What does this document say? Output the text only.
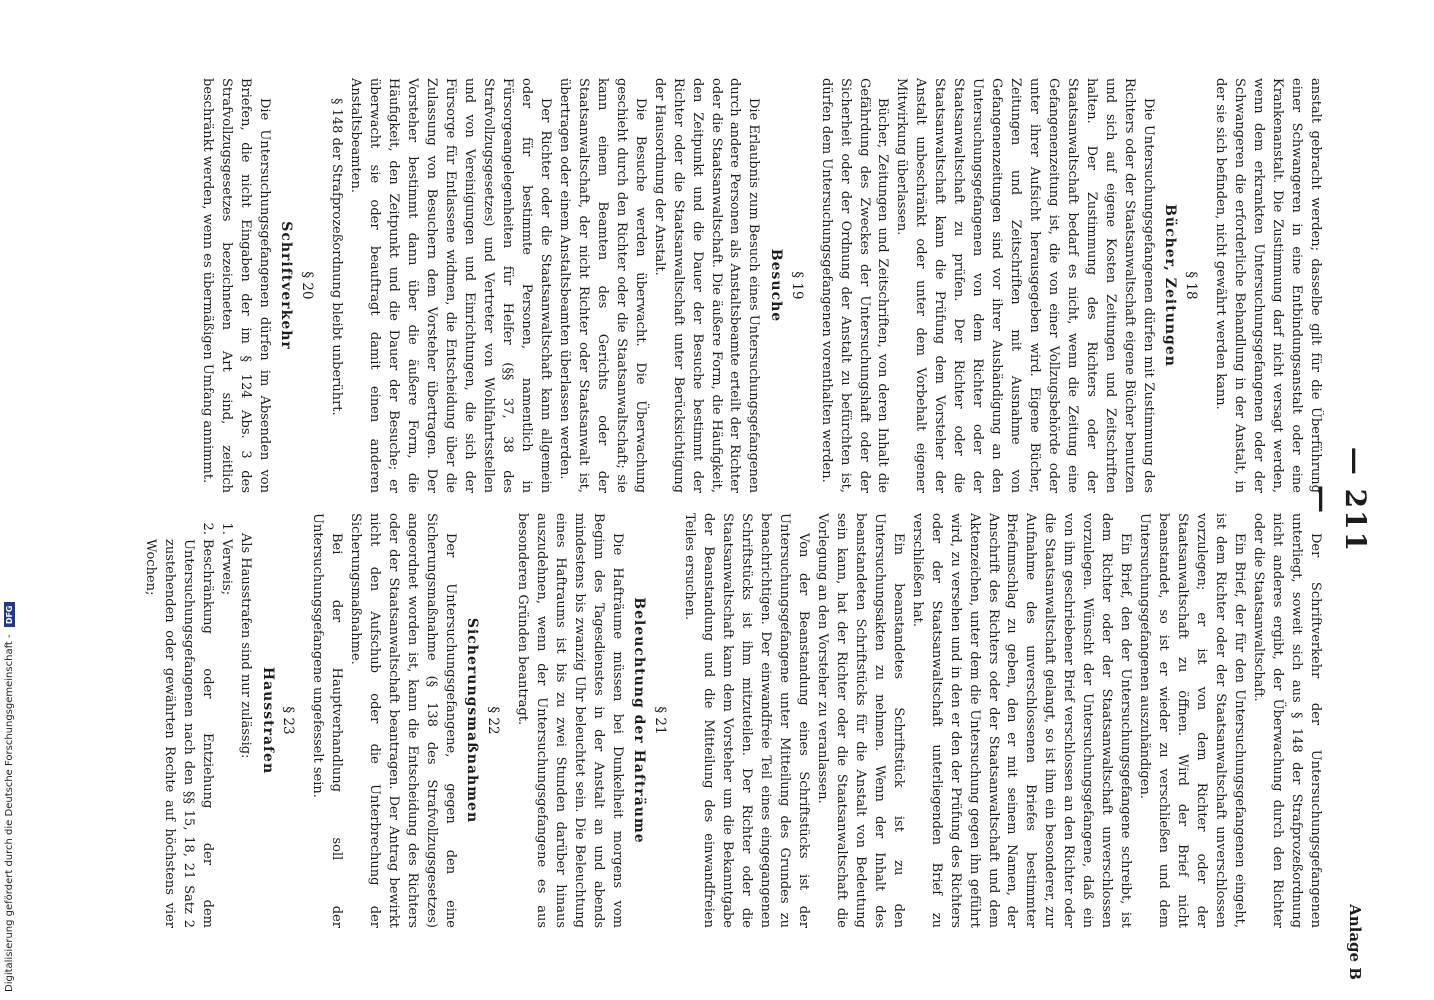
— 211 —
Anlage B

anstalt gebracht werden; dasselbe gilt für die Überführung einer Schwangeren in eine Entbindungsanstalt oder eine Krankenanstalt. Die Zustimmung darf nicht versagt werden, wenn dem erkrankten Untersuchungsgefangenen oder der Schwangeren die erforderliche Behandlung in der Anstalt, in der sie sich befinden, nicht gewährt werden kann.

§ 18
Bücher, Zeitungen

Die Untersuchungsgefangenen dürfen mit Zustimmung des Richters oder der Staatsanwaltschaft eigene Bücher benutzen und sich auf eigene Kosten Zeitungen und Zeitschriften halten. Der Zustimmung des Richters oder der Staatsanwaltschaft bedarf es nicht, wenn die Zeitung eine Gefangenenzeitung ist, die von einer Vollzugsbehörde oder unter ihrer Aufsicht herausgegeben wird. Eigene Bücher, Zeitungen und Zeitschriften mit Ausnahme von Gefangenenzeitungen sind vor ihrer Aushändigung an den Untersuchungsgefangenen von dem Richter oder der Staatsanwaltschaft zu prüfen. Der Richter oder die Staatsanwaltschaft kann die Prüfung dem Vorsteher der Anstalt unbeschränkt oder unter dem Vorbehalt eigener Mitwirkung überlassen.

Bücher, Zeitungen und Zeitschriften, von deren Inhalt die Gefährdung des Zweckes der Untersuchungshaft oder der Sicherheit oder der Ordnung der Anstalt zu befürchten ist, dürfen dem Untersuchungsgefangenen vorenthalten werden.

§ 19
Besuche

Die Erlaubnis zum Besuch eines Untersuchungsgefangenen durch andere Personen als Anstaltsbeamte erteilt der Richter oder die Staatsanwaltschaft. Die äußere Form, die Häufigkeit, den Zeitpunkt und die Dauer der Besuche bestimmt der Richter oder die Staatsanwaltschaft unter Berücksichtigung der Hausordnung der Anstalt.

Die Besuche werden überwacht. Die Überwachung geschieht durch den Richter oder die Staatsanwaltschaft; sie kann einem Beamten des Gerichts oder der Staatsanwaltschaft, der nicht Richter oder Staatsanwalt ist, übertragen oder einem Anstaltsbeamten überlassen werden.

Der Richter oder die Staatsanwaltschaft kann allgemein oder für bestimmte Personen, namentlich in Fürsorgeangelegenheiten für Helfer (§§ 37, 38 des Strafvollzugsgesetzes) und Vertreter von Wohlfahrtsstellen und von Vereinigungen und Einrichtungen, die sich der Fürsorge für Entlassene widmen, die Entscheidung über die Zulassung von Besuchern dem Vorsteher übertragen. Der Vorsteher bestimmt dann über die äußere Form, die Häufigkeit, den Zeitpunkt und die Dauer der Besuche; er überwacht sie oder beauftragt damit einen anderen Anstaltsbeamten.

§ 148 der Strafprozeßordnung bleibt unberührt.

§ 20
Schriftverkehr

Die Untersuchungsgefangenen dürfen im Absenden von Briefen, die nicht Eingaben der im § 124 Abs. 3 des Strafvollzugsgesetzes bezeichneten Art sind, zeitlich beschränkt werden, wenn es übermäßigen Umfang annimmt.

Der Schriftverkehr der Untersuchungsgefangenen unterliegt, soweit sich aus § 148 der Strafprozeßordnung nicht anderes ergibt, der Überwachung durch den Richter oder die Staatsanwaltschaft.

Ein Brief, der für den Untersuchungsgefangenen eingeht, ist dem Richter oder der Staatsanwaltschaft unverschlossen vorzulegen; er ist von dem Richter oder der Staatsanwaltschaft zu öffnen. Wird der Brief nicht beanstandet, so ist er wieder zu verschließen und dem Untersuchungsgefangenen auszuhändigen.

Ein Brief, den der Untersuchungsgefangene schreibt, ist dem Richter oder der Staatsanwaltschaft unverschlossen vorzulegen. Wünscht der Untersuchungsgefangene, daß ein von ihm geschriebener Brief verschlossen an den Richter oder die Staatsanwaltschaft gelangt, so ist ihm ein besonderer, zur Aufnahme des unverschlossenen Briefes bestimmter Briefumschlag zu geben, den er mit seinem Namen, der Anschrift des Richters oder der Staatsanwaltschaft und dem Aktenzeichen, unter dem die Untersuchung gegen ihn geführt wird, zu versehen und in den er den der Prüfung des Richters oder der Staatsanwaltschaft unterliegenden Brief zu verschließen hat.

Ein beanstandetes Schriftstück ist zu den Untersuchungsakten zu nehmen. Wenn der Inhalt des beanstandeten Schriftstücks für die Anstalt von Bedeutung sein kann, hat der Richter oder die Staatsanwaltschaft die Vorlegung an den Vorsteher zu veranlassen.

Von der Beanstandung eines Schriftstücks ist der Untersuchungsgefangene unter Mitteilung des Grundes zu benachrichtigen. Der einwandfreie Teil eines eingegangenen Schriftstücks ist ihm mitzuteilen. Der Richter oder die Staatsanwaltschaft kann dem Vorsteher um die Bekanntgabe der Beanstandung und die Mitteilung des einwandfreien Teiles ersuchen.

§ 21
Beleuchtung der Hafträume

Die Hafträume müssen bei Dunkelheit morgens vom Beginn des Tagesdienstes in der Anstalt an und abends mindestens bis zwanzig Uhr beleuchtet sein. Die Beleuchtung eines Haftraums ist bis zu zwei Stunden darüber hinaus auszudehnen, wenn der Untersuchungsgefangene es aus besonderen Gründen beantragt.

§ 22
Sicherungsmaßnahmen

Der Untersuchungsgefangene, gegen den eine Sicherungsmaßnahme (§ 138 des Strafvollzugsgesetzes) angeordnet worden ist, kann die Entscheidung des Richters oder der Staatsanwaltschaft beantragen. Der Antrag bewirkt nicht den Aufschub oder die Unterbrechung der Sicherungsmaßnahme.

Bei der Hauptverhandlung soll der Untersuchungsgefangene ungefesselt sein.

§ 23
Hausstrafen

Als Hausstrafen sind nur zulässig:

1. Verweis;
2. Beschränkung oder Entziehung der dem Untersuchungsgefangenen nach den §§ 15, 18, 21 Satz 2 zustehenden oder gewährten Rechte auf höchstens vier Wochen;
Digitalisierung gefördert durch die Deutsche Forschungsgemeinschaft - DFG
